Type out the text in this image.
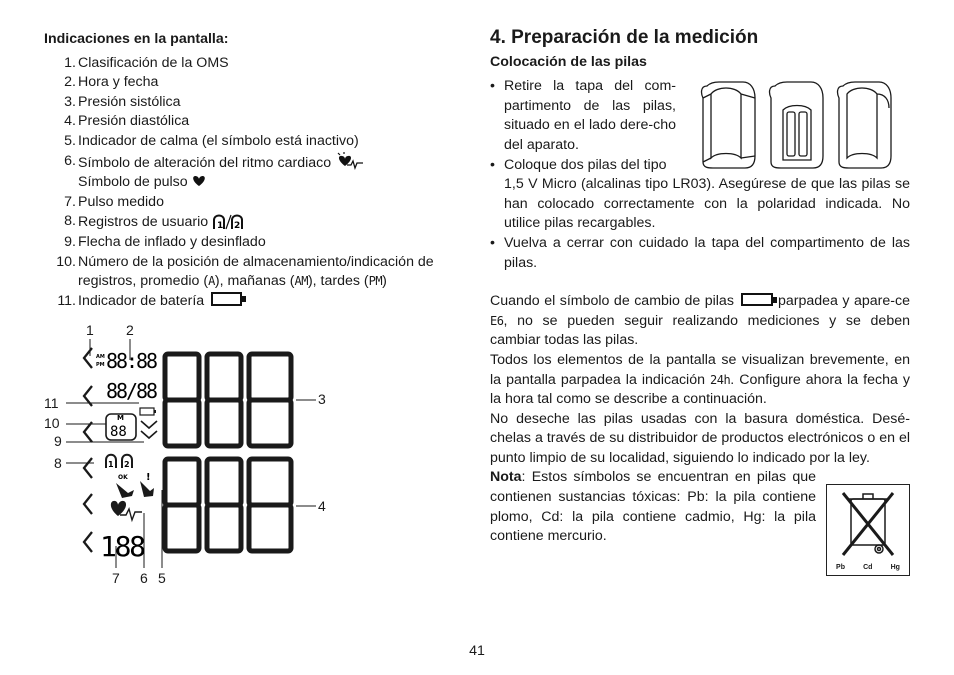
Indicaciones en la pantalla:
1. Clasificación de la OMS
2. Hora y fecha
3. Presión sistólica
4. Presión diastólica
5. Indicador de calma (el símbolo está inactivo)
6. Símbolo de alteración del ritmo cardiaco
Símbolo de pulso
7. Pulso medido
8. Registros de usuario 1 2
9. Flecha de inflado y desinflado
10. Número de la posición de almacenamiento/indicación de
registros, promedio (A), mañanas (AM), tardes (PM)
11. Indicador de batería
1 2
3
4
5
6
7
8
9
10
11
AM
PM 88:88
88/88
M
88
1 2
OK !
188
4. Preparación de la medición
Colocación de las pilas
• Retire la tapa del com-partimento de las pilas, situado en el lado dere-cho del aparato.
• Coloque dos pilas del tipo
1,5 V Micro (alcalinas tipo LR03). Asegúrese de que las pilas se han colocado correctamente con la polaridad indicada. No utilice pilas recargables.
• Vuelva a cerrar con cuidado la tapa del compartimento de las pilas.

Cuando el símbolo de cambio de pilas	parpadea y apare-ce E6, no se pueden seguir realizando mediciones y se deben cambiar todas las pilas.

Todos los elementos de la pantalla se visualizan brevemente, en la pantalla parpadea la indicación 24h. Configure ahora la fecha y la hora tal como se describe a continuación.

No deseche las pilas usadas con la basura doméstica. Desé-chelas a través de su distribuidor de productos electrónicos o en el punto limpio de su localidad, siguiendo lo indicado por la ley.

Nota: Estos símbolos se encuentran en pilas que contienen sustancias tóxicas: Pb: la pila contiene plomo, Cd: la pila contiene cadmio, Hg: la pila contiene mercurio.

Pb	Cd	Hg
41
